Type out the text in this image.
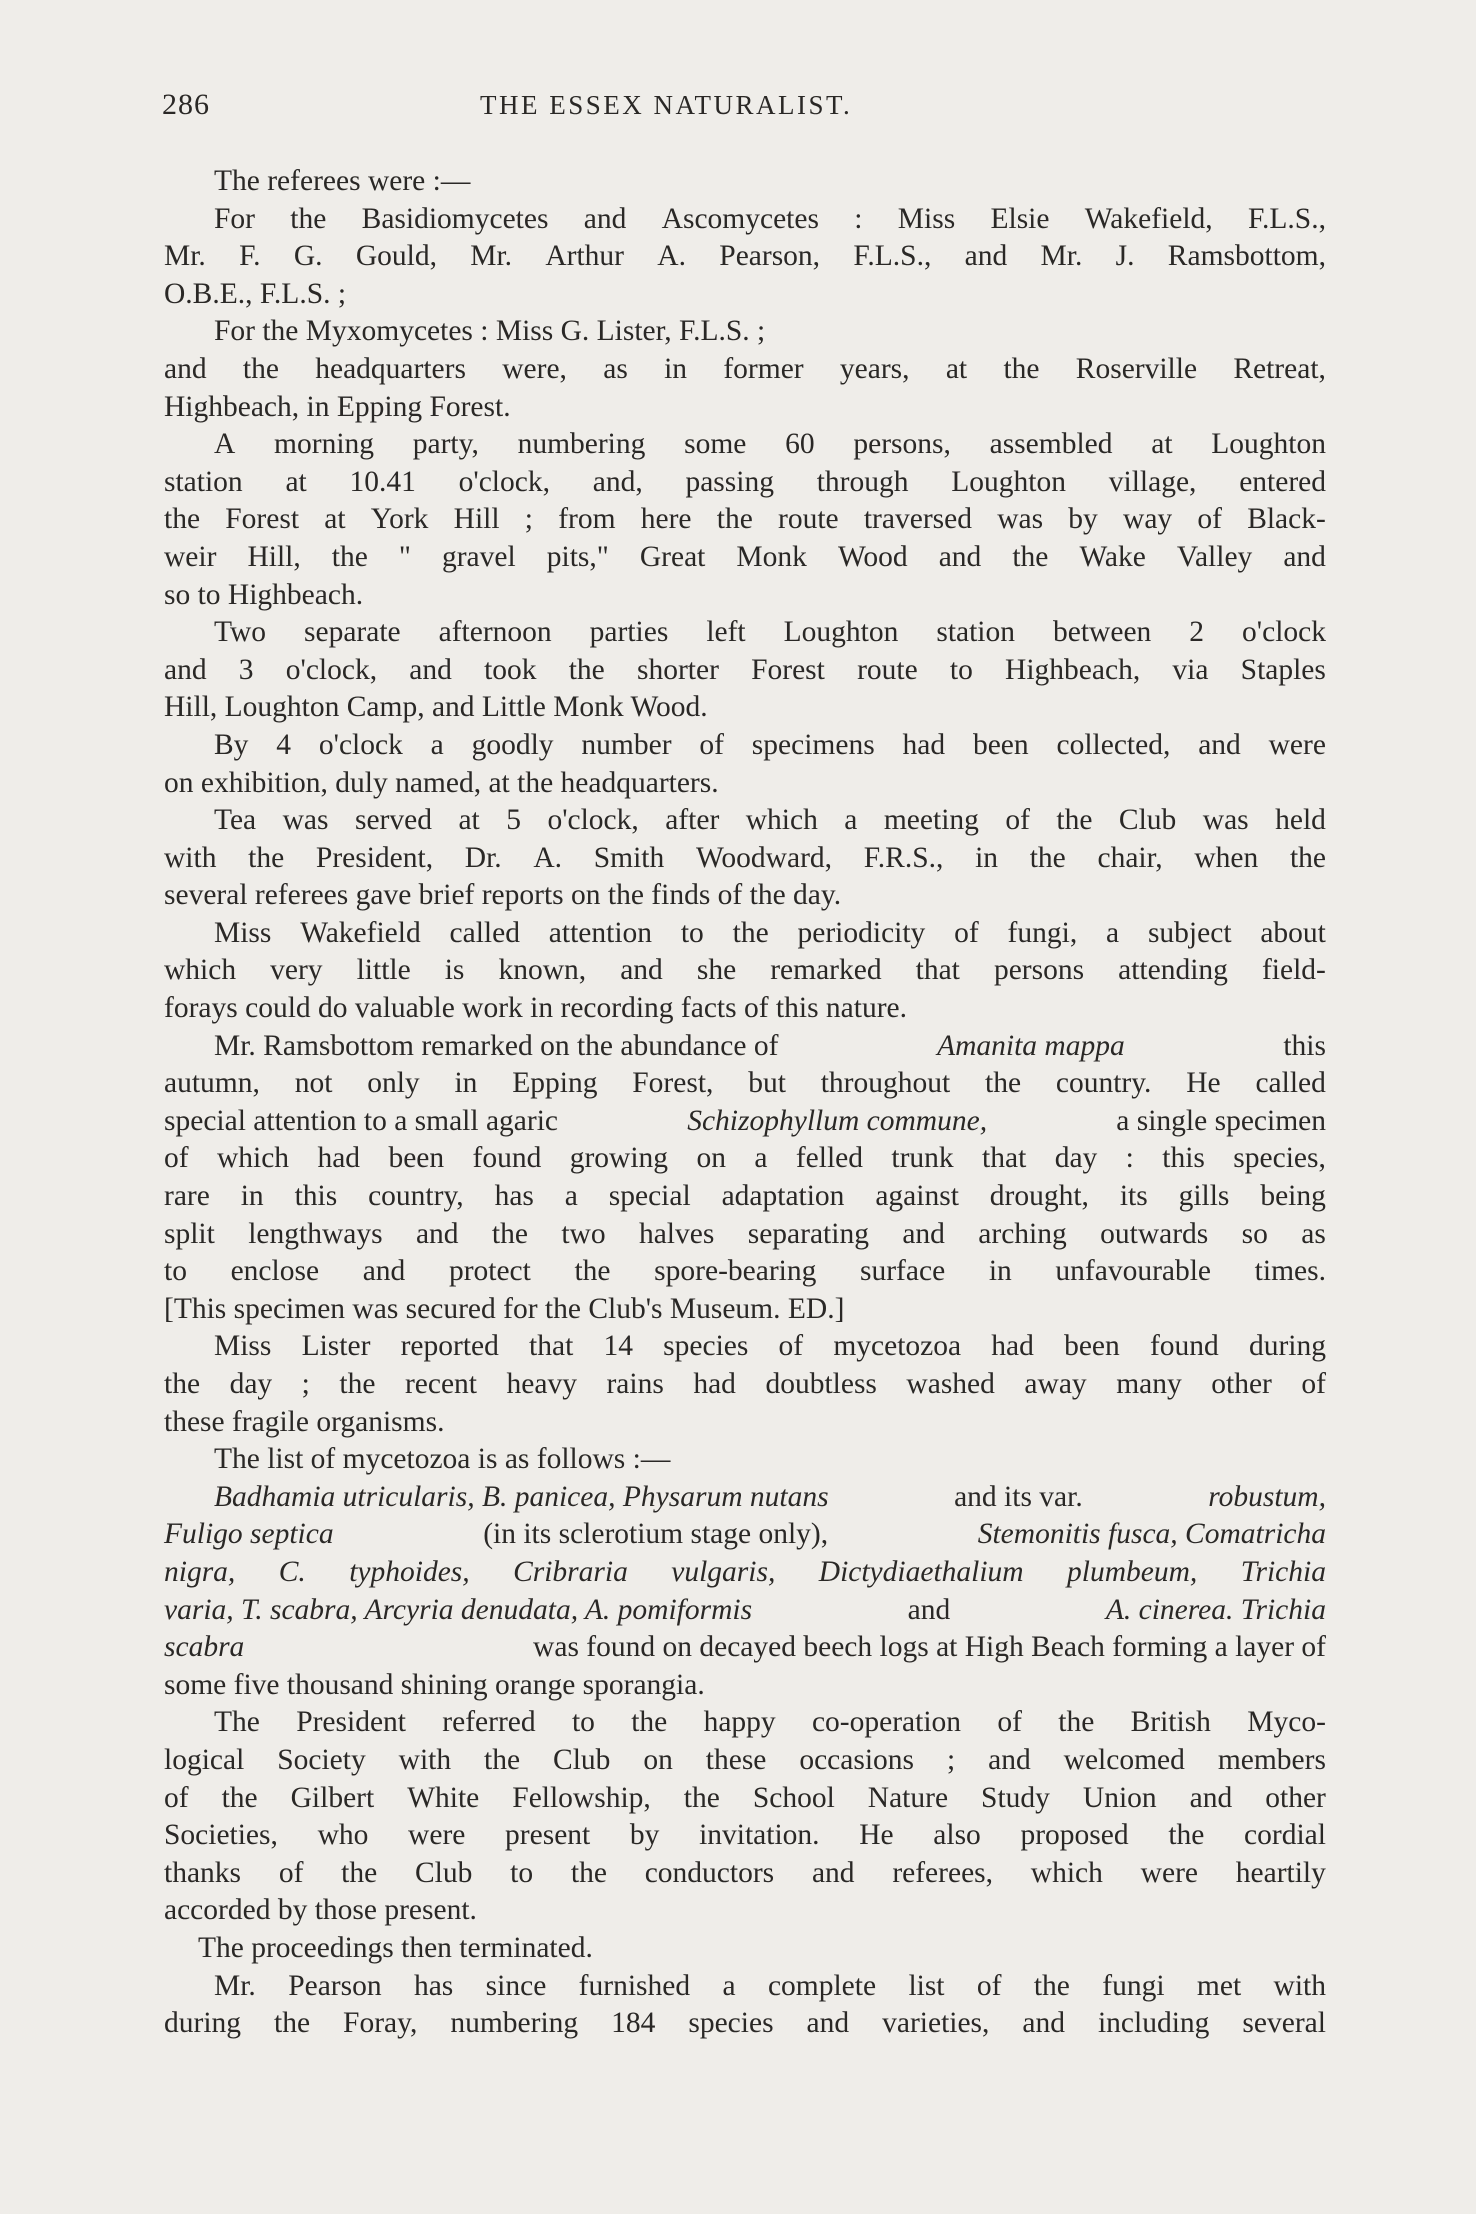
286	THE ESSEX NATURALIST.
The referees were :—
For the Basidiomycetes and Ascomycetes : Miss Elsie Wakefield, F.L.S.,
Mr. F. G. Gould, Mr. Arthur A. Pearson, F.L.S., and Mr. J. Ramsbottom,
O.B.E., F.L.S. ;
For the Myxomycetes : Miss G. Lister, F.L.S. ;
and the headquarters were, as in former years, at the Roserville Retreat,
Highbeach, in Epping Forest.
A morning party, numbering some 60 persons, assembled at Loughton
station at 10.41 o'clock, and, passing through Loughton village, entered
the Forest at York Hill ; from here the route traversed was by way of Black-
weir Hill, the " gravel pits," Great Monk Wood and the Wake Valley and
so to Highbeach.
Two separate afternoon parties left Loughton station between 2 o'clock
and 3 o'clock, and took the shorter Forest route to Highbeach, via Staples
Hill, Loughton Camp, and Little Monk Wood.
By 4 o'clock a goodly number of specimens had been collected, and were
on exhibition, duly named, at the headquarters.
Tea was served at 5 o'clock, after which a meeting of the Club was held
with the President, Dr. A. Smith Woodward, F.R.S., in the chair, when the
several referees gave brief reports on the finds of the day.
Miss Wakefield called attention to the periodicity of fungi, a subject about
which very little is known, and she remarked that persons attending field-
forays could do valuable work in recording facts of this nature.
Mr. Ramsbottom remarked on the abundance of	Amanita mappa	this
autumn, not only in Epping Forest, but throughout the country. He called
special attention to a small agaric	Schizophyllum commune,	a single specimen
of which had been found growing on a felled trunk that day : this species,
rare in this country, has a special adaptation against drought, its gills being
split lengthways and the two halves separating and arching outwards so as
to enclose and protect the spore-bearing surface in unfavourable times.
[This specimen was secured for the Club's Museum. ED.]
Miss Lister reported that 14 species of mycetozoa had been found during
the day ; the recent heavy rains had doubtless washed away many other of
these fragile organisms.
The list of mycetozoa is as follows :—
Badhamia utricularis, B. panicea, Physarum nutans	and its var.	robustum,
Fuligo septica	(in its sclerotium stage only),	Stemonitis fusca, Comatricha
nigra, C. typhoides, Cribraria vulgaris, Dictydiaethalium plumbeum, Trichia
varia, T. scabra, Arcyria denudata, A. pomiformis	and	A. cinerea. Trichia
scabra	was found on decayed beech logs at High Beach forming a layer of
some five thousand shining orange sporangia.
The President referred to the happy co-operation of the British Myco-
logical Society with the Club on these occasions ; and welcomed members
of the Gilbert White Fellowship, the School Nature Study Union and other
Societies, who were present by invitation. He also proposed the cordial
thanks of the Club to the conductors and referees, which were heartily
accorded by those present.
The proceedings then terminated.
Mr. Pearson has since furnished a complete list of the fungi met with
during the Foray, numbering 184 species and varieties, and including several
